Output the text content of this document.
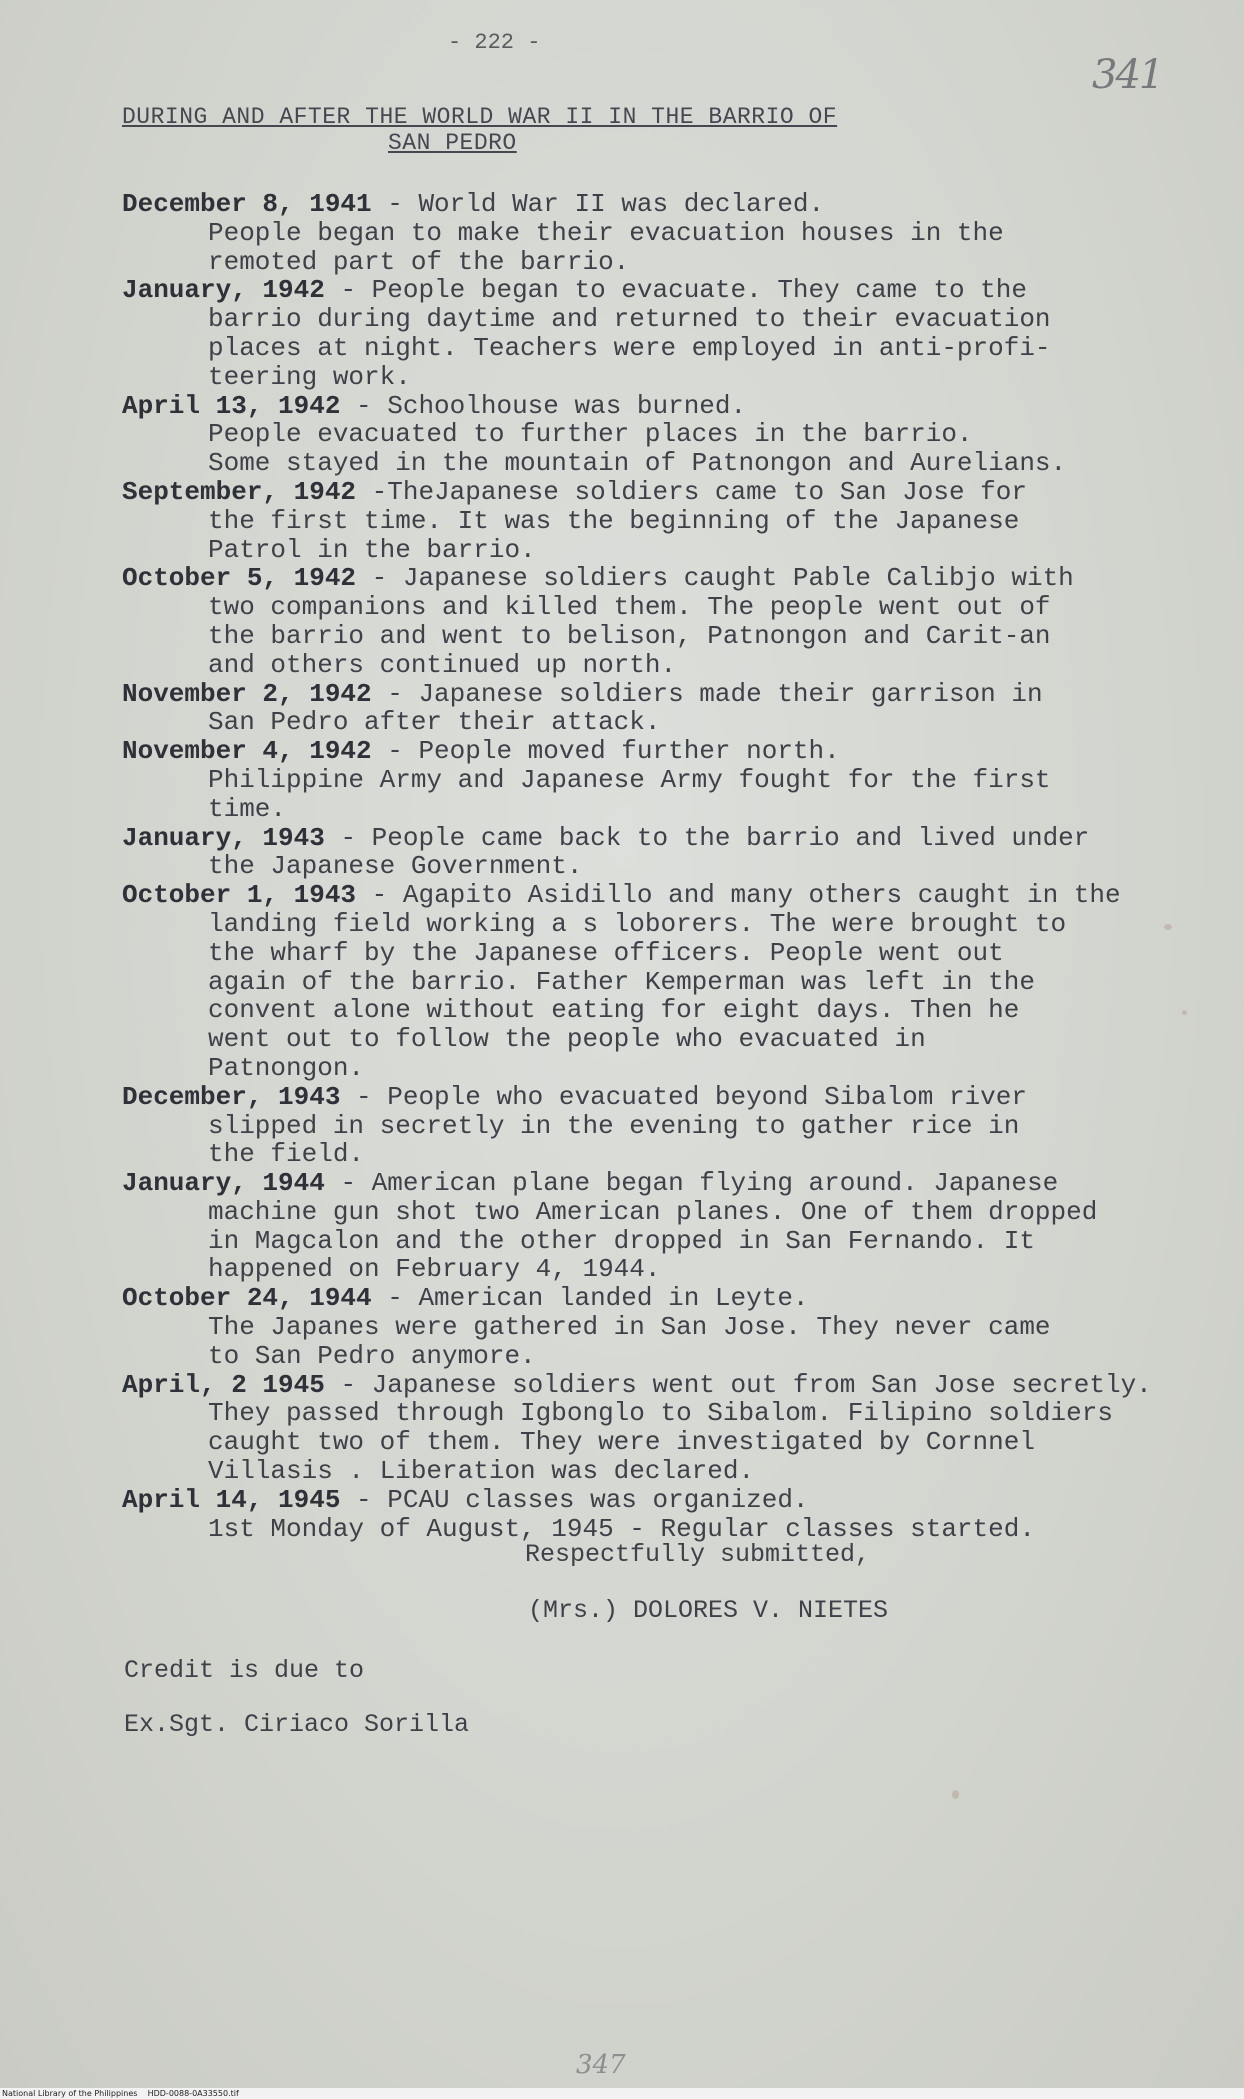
- 222 -
341
DURING AND AFTER THE WORLD WAR II IN THE BARRIO OF
SAN PEDRO
December 8, 1941 - World War II was declared.
People began to make their evacuation houses in the
remoted part of the barrio.
January, 1942 - People began to evacuate. They came to the
barrio during daytime and returned to their evacuation
places at night. Teachers were employed in anti-profi-
teering work.
April 13, 1942 - Schoolhouse was burned.
People evacuated to further places in the barrio.
Some stayed in the mountain of Patnongon and Aurelians.
September, 1942 -TheJapanese soldiers came to San Jose for
the first time. It was the beginning of the Japanese
Patrol in the barrio.
October 5, 1942 - Japanese soldiers caught Pable Calibjo with
two companions and killed them. The people went out of
the barrio and went to belison, Patnongon and Carit-an
and others continued up north.
November 2, 1942 - Japanese soldiers made their garrison in
San Pedro after their attack.
November 4, 1942 - People moved further north.
Philippine Army and Japanese Army fought for the first
time.
January, 1943 - People came back to the barrio and lived under
the Japanese Government.
October 1, 1943 - Agapito Asidillo and many others caught in the
landing field working a s loborers. The were brought to
the wharf by the Japanese officers. People went out
again of the barrio. Father Kemperman was left in the
convent alone without eating for eight days. Then he
went out to follow the people who evacuated in
Patnongon.
December, 1943 - People who evacuated beyond Sibalom river
slipped in secretly in the evening to gather rice in
the field.
January, 1944 - American plane began flying around. Japanese
machine gun shot two American planes. One of them dropped
in Magcalon and the other dropped in San Fernando. It
happened on February 4, 1944.
October 24, 1944 - American landed in Leyte.
The Japanes were gathered in San Jose. They never came
to San Pedro anymore.
April, 2 1945 - Japanese soldiers went out from San Jose secretly.
They passed through Igbonglo to Sibalom. Filipino soldiers
caught two of them. They were investigated by Cornnel
Villasis . Liberation was declared.
April 14, 1945 - PCAU classes was organized.
1st Monday of August, 1945 - Regular classes started.
Respectfully submitted,
(Mrs.) DOLORES V. NIETES
Credit is due to
Ex.Sgt. Ciriaco Sorilla
347
National Library of the Philippines    HDD-0088-0A33550.tif
